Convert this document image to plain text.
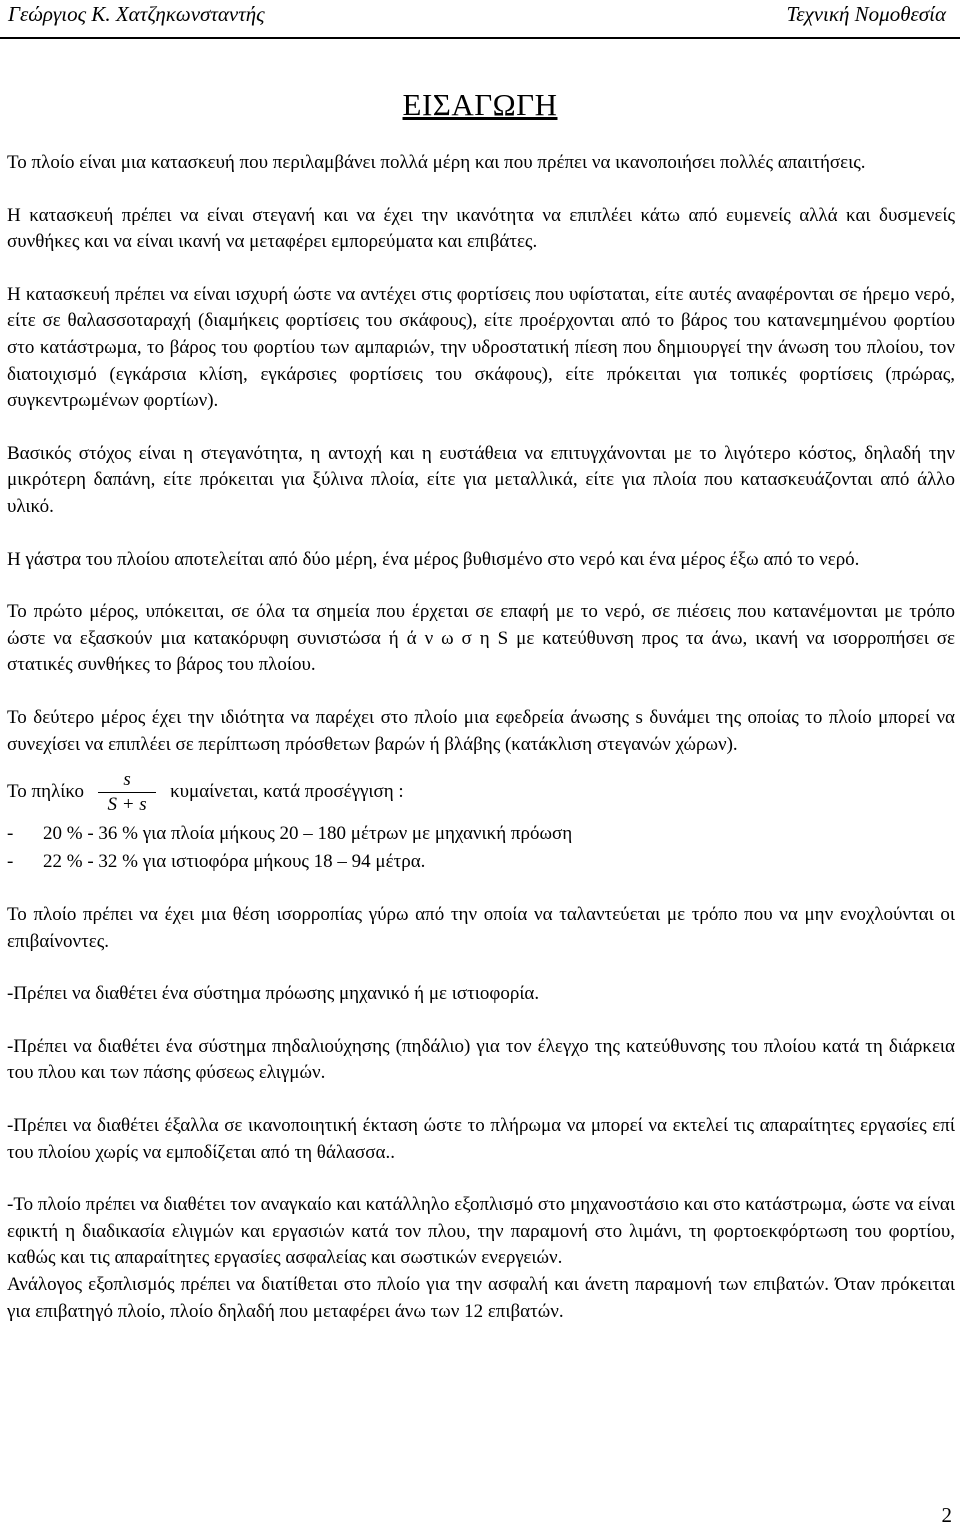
Γεώργιος Κ. Χατζηκωνσταντής	Τεχνική Νομοθεσία
ΕΙΣΑΓΩΓΗ

Το πλοίο είναι μια κατασκευή που περιλαμβάνει πολλά μέρη και που πρέπει να ικανοποιήσει πολλές απαιτήσεις.

Η κατασκευή πρέπει να είναι στεγανή και να έχει την ικανότητα να επιπλέει κάτω από ευμενείς αλλά και δυσμενείς συνθήκες και να είναι ικανή να μεταφέρει εμπορεύματα και επιβάτες.

Η κατασκευή πρέπει να είναι ισχυρή ώστε να αντέχει στις φορτίσεις που υφίσταται, είτε αυτές αναφέρονται σε ήρεμο νερό, είτε σε θαλασσοταραχή (διαμήκεις φορτίσεις του σκάφους), είτε προέρχονται από το βάρος του κατανεμημένου φορτίου στο κατάστρωμα, το βάρος του φορτίου των αμπαριών, την υδροστατική πίεση που δημιουργεί την άνωση του πλοίου, τον διατοιχισμό (εγκάρσια κλίση, εγκάρσιες φορτίσεις του σκάφους), είτε πρόκειται για τοπικές φορτίσεις (πρώρας, συγκεντρωμένων φορτίων).

Βασικός στόχος είναι η στεγανότητα, η αντοχή και η ευστάθεια να επιτυγχάνονται με το λιγότερο κόστος, δηλαδή την μικρότερη δαπάνη, είτε πρόκειται για ξύλινα πλοία, είτε για μεταλλικά, είτε για πλοία που κατασκευάζονται από άλλο υλικό.

Η γάστρα του πλοίου αποτελείται από δύο μέρη, ένα μέρος βυθισμένο στο νερό και ένα μέρος έξω από το νερό.

Το πρώτο μέρος, υπόκειται, σε όλα τα σημεία που έρχεται σε επαφή με το νερό, σε πιέσεις που κατανέμονται με τρόπο ώστε να εξασκούν μια κατακόρυφη συνιστώσα ή ά ν ω σ η S με κατεύθυνση προς τα άνω, ικανή να ισορροπήσει σε στατικές συνθήκες το βάρος του πλοίου.

Το δεύτερο μέρος έχει την ιδιότητα να παρέχει στο πλοίο μια εφεδρεία άνωσης s δυνάμει της οποίας το πλοίο μπορεί να συνεχίσει να επιπλέει σε περίπτωση πρόσθετων βαρών ή βλάβης (κατάκλιση στεγανών χώρων).

Το πηλίκο $\frac{s}{S + s} \kappa\upsilon\mu\alpha ί\nu\varepsilon\tau\alpha\iota$, κατά προσέγγιση :
-	20 % - 36 % για πλοία μήκους 20 – 180 μέτρων με μηχανική πρόωση
-	22 % - 32 % για ιστιοφόρα μήκους 18 – 94 μέτρα.

Το πλοίο πρέπει να έχει μια θέση ισορροπίας γύρω από την οποία να ταλαντεύεται με τρόπο που να μην ενοχλούνται οι επιβαίνοντες.

-Πρέπει να διαθέτει ένα σύστημα πρόωσης μηχανικό ή με ιστιοφορία.

-Πρέπει να διαθέτει ένα σύστημα πηδαλιούχησης (πηδάλιο) για τον έλεγχο της κατεύθυνσης του πλοίου κατά τη διάρκεια του πλου και των πάσης φύσεως ελιγμών.

-Πρέπει να διαθέτει έξαλλα σε ικανοποιητική έκταση ώστε το πλήρωμα να μπορεί να εκτελεί τις απαραίτητες εργασίες επί του πλοίου χωρίς να εμποδίζεται από τη θάλασσα..

-Το πλοίο πρέπει να διαθέτει τον αναγκαίο και κατάλληλο εξοπλισμό στο μηχανοστάσιο και στο κατάστρωμα, ώστε να είναι εφικτή η διαδικασία ελιγμών και εργασιών κατά τον πλου, την παραμονή στο λιμάνι, τη φορτοεκφόρτωση του φορτίου, καθώς και τις απαραίτητες εργασίες ασφαλείας και σωστικών ενεργειών.

Ανάλογος εξοπλισμός πρέπει να διατίθεται στο πλοίο για την ασφαλή και άνετη παραμονή των επιβατών. Όταν πρόκειται για επιβατηγό πλοίο, πλοίο δηλαδή που μεταφέρει άνω των 12 επιβατών.

2
